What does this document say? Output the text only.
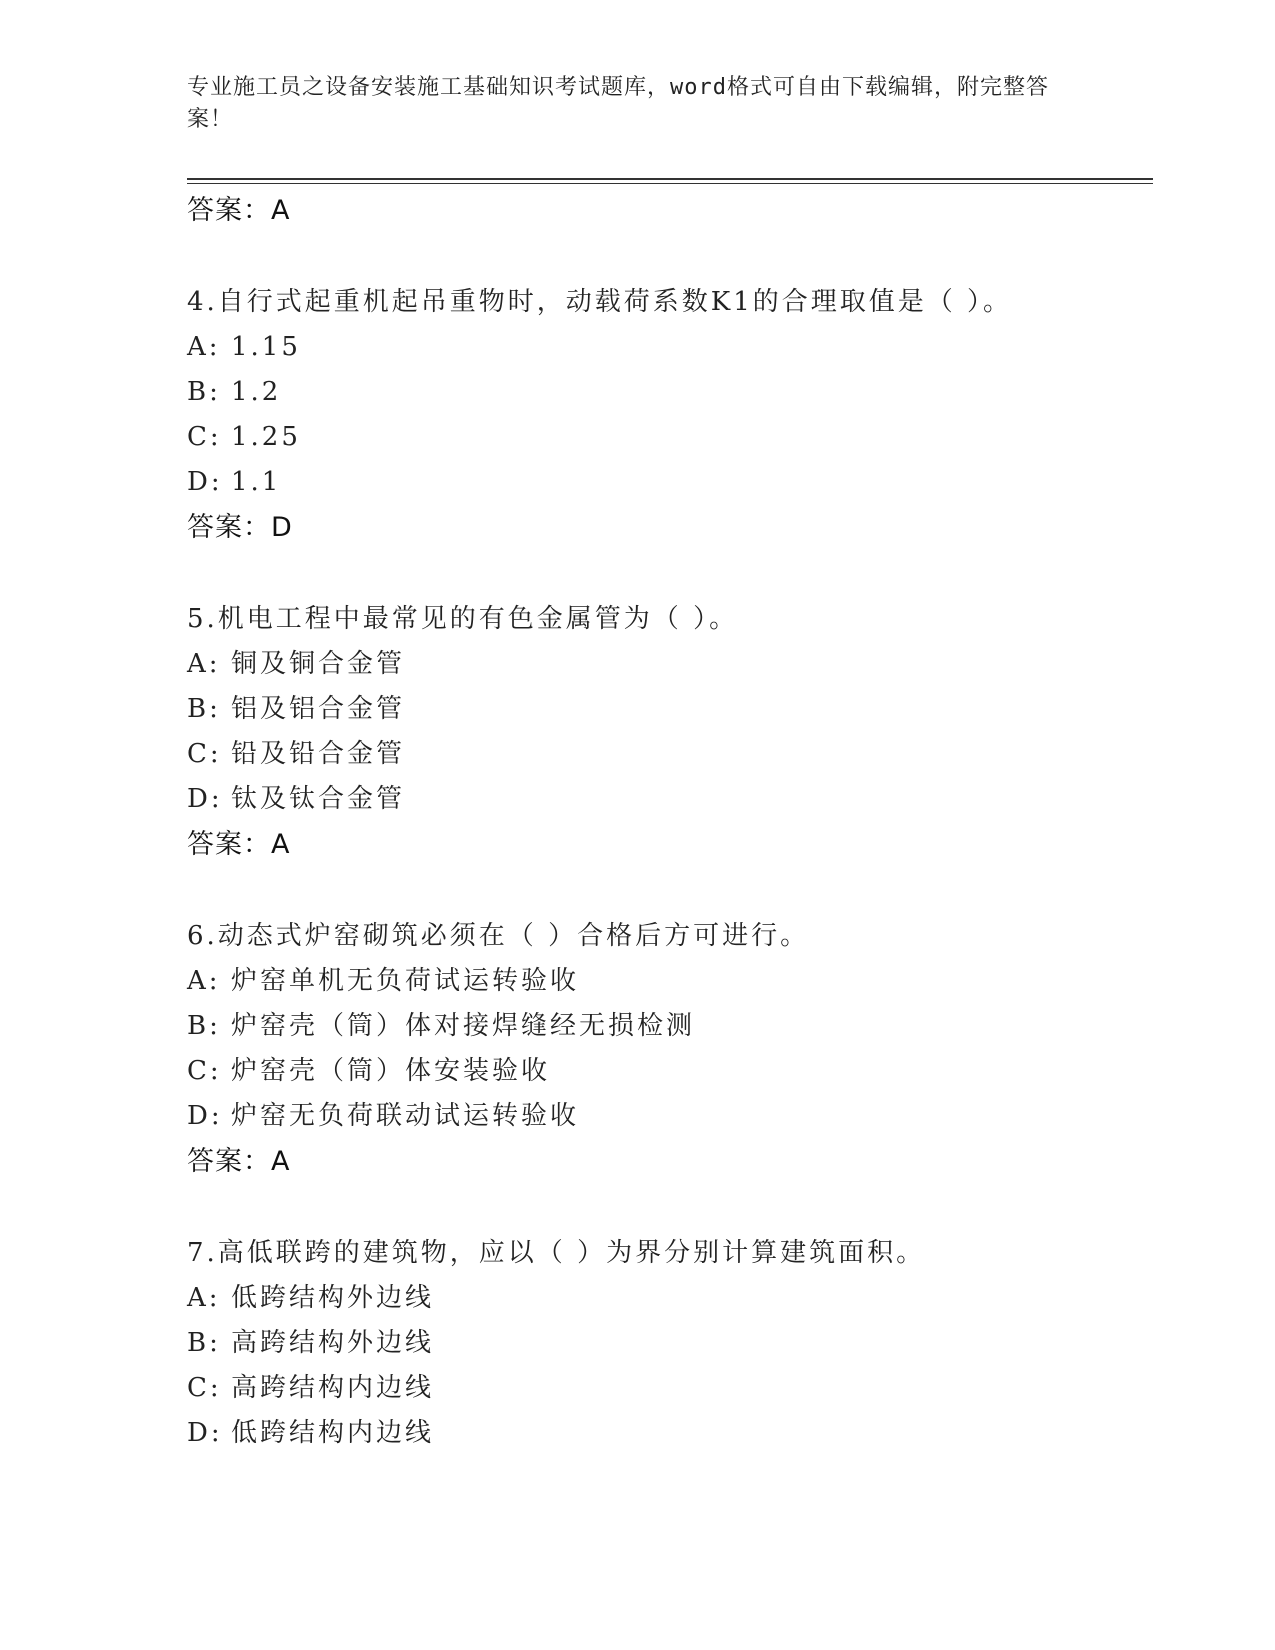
专业施工员之设备安装施工基础知识考试题库，word格式可自由下载编辑，附完整答案！
答案：A
4.自行式起重机起吊重物时，动载荷系数K1的合理取值是（ ）。
A: 1.15
B: 1.2
C: 1.25
D: 1.1
答案：D
5.机电工程中最常见的有色金属管为（ ）。
A: 铜及铜合金管
B: 铝及铝合金管
C: 铅及铅合金管
D: 钛及钛合金管
答案：A
6.动态式炉窑砌筑必须在（ ）合格后方可进行。
A: 炉窑单机无负荷试运转验收
B: 炉窑壳（筒）体对接焊缝经无损检测
C: 炉窑壳（筒）体安装验收
D: 炉窑无负荷联动试运转验收
答案：A
7.高低联跨的建筑物，应以（ ）为界分别计算建筑面积。
A: 低跨结构外边线
B: 高跨结构外边线
C: 高跨结构内边线
D: 低跨结构内边线
